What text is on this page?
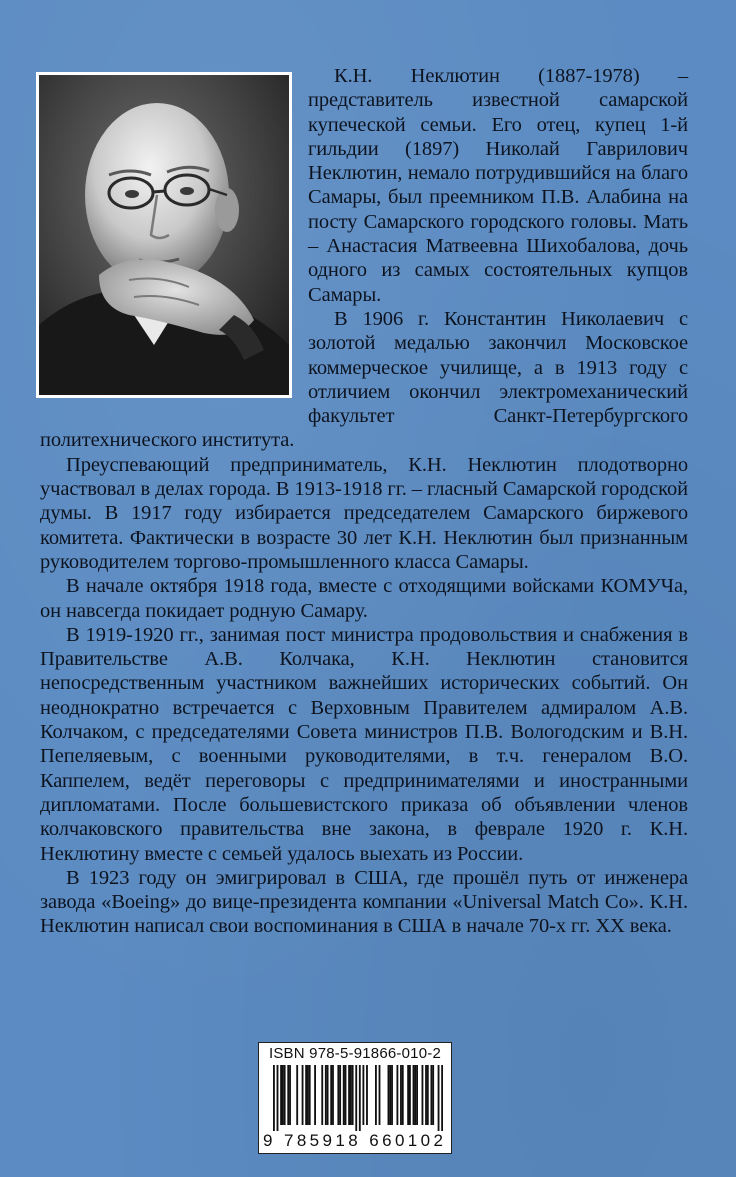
К.Н. Неклютин (1887-1978) – представитель известной самарской купеческой семьи. Его отец, купец 1-й гильдии (1897) Николай Гаврилович Неклютин, немало потрудившийся на благо Самары, был преемником П.В. Алабина на посту Самарского городского головы. Мать – Анастасия Матвеевна Шихобалова, дочь одного из самых состоятельных купцов Самары.

В 1906 г. Константин Николаевич с золотой медалью закончил Московское коммерческое училище, а в 1913 году с отличием окончил электромеханический факультет Санкт-Петербургского политехнического института.

Преуспевающий предприниматель, К.Н. Неклютин плодотворно участвовал в делах города. В 1913-1918 гг. – гласный Самарской городской думы. В 1917 году избирается председателем Самарского биржевого комитета. Фактически в возрасте 30 лет К.Н. Неклютин был признанным руководителем торгово-промышленного класса Самары.

В начале октября 1918 года, вместе с отходящими войсками КОМУЧа, он навсегда покидает родную Самару.

В 1919-1920 гг., занимая пост министра продовольствия и снабжения в Правительстве А.В. Колчака, К.Н. Неклютин становится непосредственным участником важнейших исторических событий. Он неоднократно встречается с Верховным Правителем адмиралом А.В. Колчаком, с председателями Совета министров П.В. Вологодским и В.Н. Пепеляевым, с военными руководителями, в т.ч. генералом В.О. Каппелем, ведёт переговоры с предпринимателями и иностранными дипломатами. После большевистского приказа об объявлении членов колчаковского правительства вне закона, в феврале 1920 г. К.Н. Неклютину вместе с семьей удалось выехать из России.

В 1923 году он эмигрировал в США, где прошёл путь от инженера завода «Boeing» до вице-президента компании «Universal Match Co». К.Н. Неклютин написал свои воспоминания в США в начале 70-х гг. XX века.

ISBN 978-5-91866-010-2
9 785918 660102
